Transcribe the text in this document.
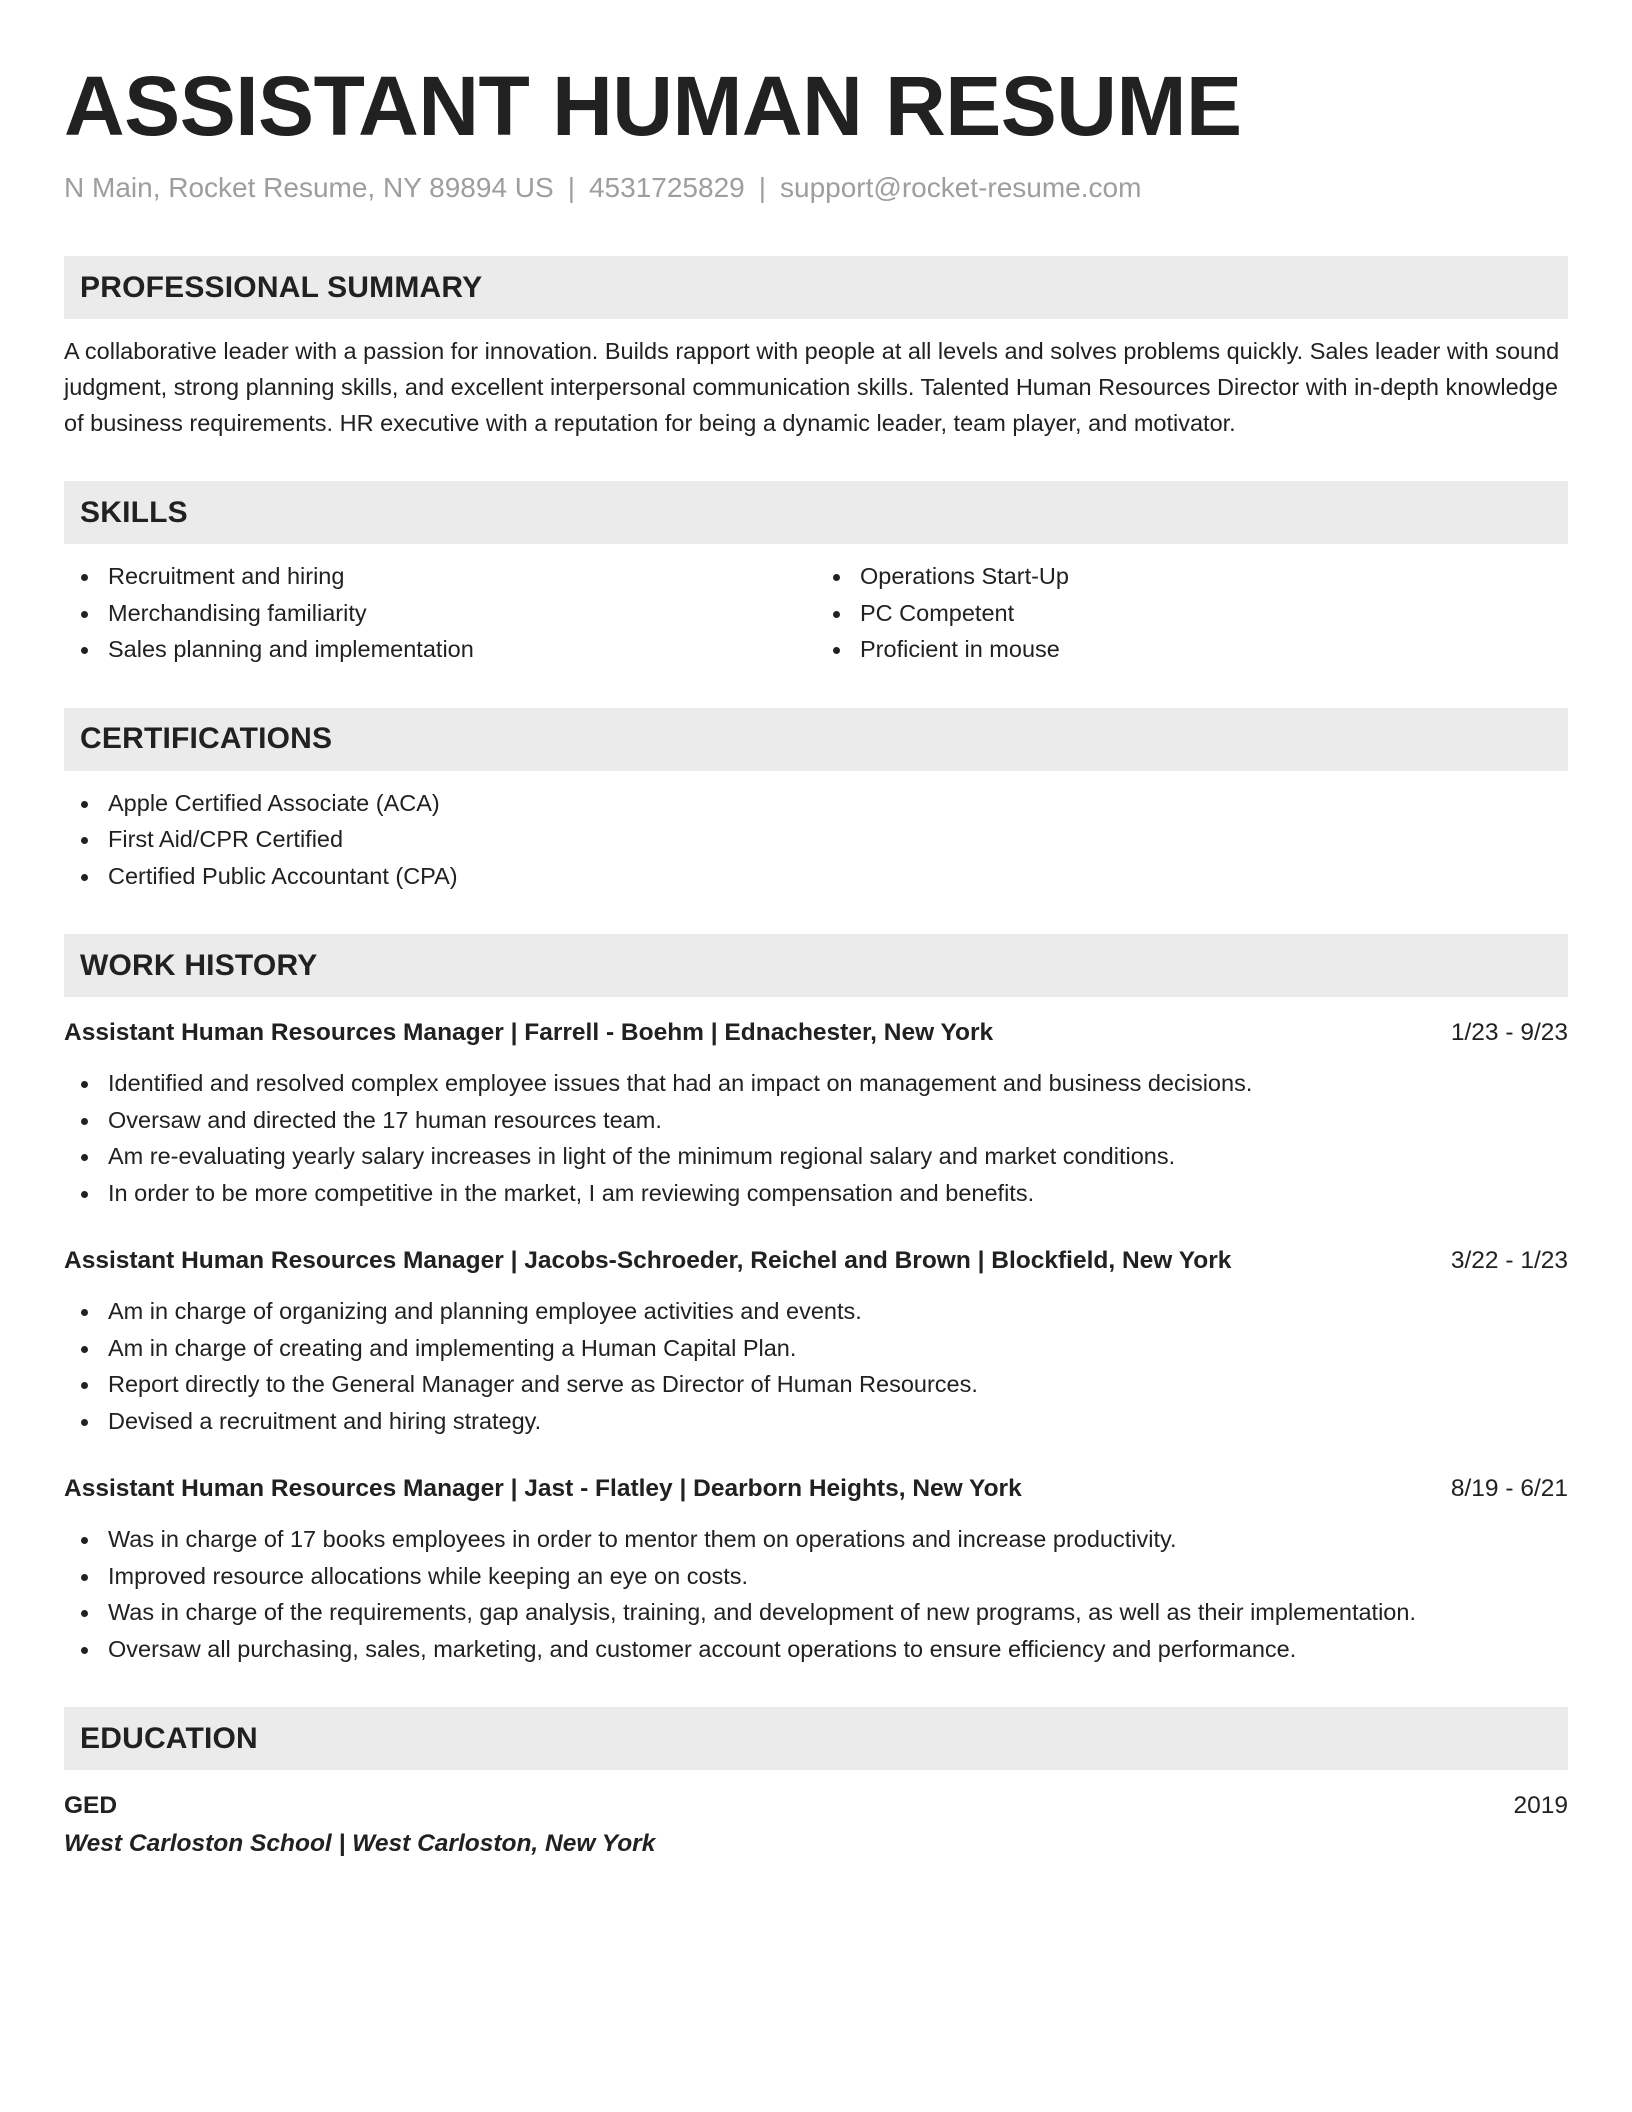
ASSISTANT HUMAN RESUME
N Main, Rocket Resume, NY 89894 US | 4531725829 | support@rocket-resume.com
PROFESSIONAL SUMMARY

A collaborative leader with a passion for innovation. Builds rapport with people at all levels and solves problems quickly. Sales leader with sound judgment, strong planning skills, and excellent interpersonal communication skills. Talented Human Resources Director with in-depth knowledge of business requirements. HR executive with a reputation for being a dynamic leader, team player, and motivator.

SKILLS
Recruitment and hiring
Merchandising familiarity
Sales planning and implementation
Operations Start-Up
PC Competent
Proficient in mouse
CERTIFICATIONS
Apple Certified Associate (ACA)
First Aid/CPR Certified
Certified Public Accountant (CPA)
WORK HISTORY
Assistant Human Resources Manager | Farrell - Boehm | Ednachester, New York	1/23 - 9/23
Identified and resolved complex employee issues that had an impact on management and business decisions.
Oversaw and directed the 17 human resources team.
Am re-evaluating yearly salary increases in light of the minimum regional salary and market conditions.
In order to be more competitive in the market, I am reviewing compensation and benefits.
Assistant Human Resources Manager | Jacobs-Schroeder, Reichel and Brown | Blockfield, New York	3/22 - 1/23
Am in charge of organizing and planning employee activities and events.
Am in charge of creating and implementing a Human Capital Plan.
Report directly to the General Manager and serve as Director of Human Resources.
Devised a recruitment and hiring strategy.
Assistant Human Resources Manager | Jast - Flatley | Dearborn Heights, New York	8/19 - 6/21
Was in charge of 17 books employees in order to mentor them on operations and increase productivity.
Improved resource allocations while keeping an eye on costs.
Was in charge of the requirements, gap analysis, training, and development of new programs, as well as their implementation.
Oversaw all purchasing, sales, marketing, and customer account operations to ensure efficiency and performance.
EDUCATION
GED	2019
West Carloston School | West Carloston, New York
